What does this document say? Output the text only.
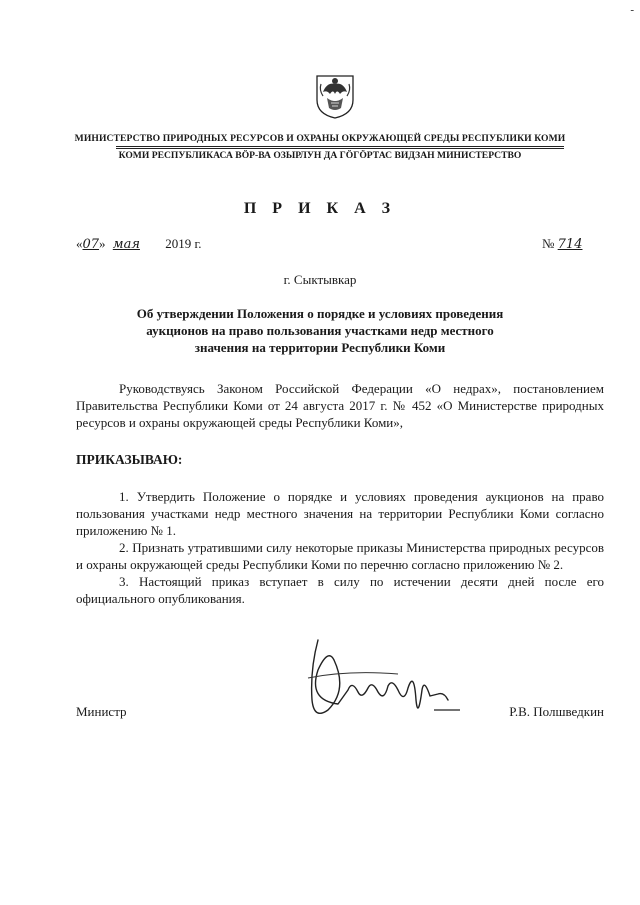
-
МИНИСТЕРСТВО ПРИРОДНЫХ РЕСУРСОВ И ОХРАНЫ ОКРУЖАЮЩЕЙ СРЕДЫ РЕСПУБЛИКИ КОМИ
КОМИ РЕСПУБЛИКАСА ВӦР-ВА ОЗЫРЛУН ДА ГӦГӦРТАС ВИДЗАН МИНИСТЕРСТВО
П Р И К А З
«07» мая 2019 г.	№ 714
г. Сыктывкар
Об утверждении Положения о порядке и условиях проведения аукционов на право пользования участками недр местного значения на территории Республики Коми
Руководствуясь Законом Российской Федерации «О недрах», постановлением Правительства Республики Коми от 24 августа 2017 г. № 452 «О Министерстве природных ресурсов и охраны окружающей среды Республики Коми»,
ПРИКАЗЫВАЮ:

1. Утвердить Положение о порядке и условиях проведения аукционов на право пользования участками недр местного значения на территории Республики Коми согласно приложению № 1.

2. Признать утратившими силу некоторые приказы Министерства природных ресурсов и охраны окружающей среды Республики Коми по перечню согласно приложению № 2.

3. Настоящий приказ вступает в силу по истечении десяти дней после его официального опубликования.

Министр	Р.В. Полшведкин
